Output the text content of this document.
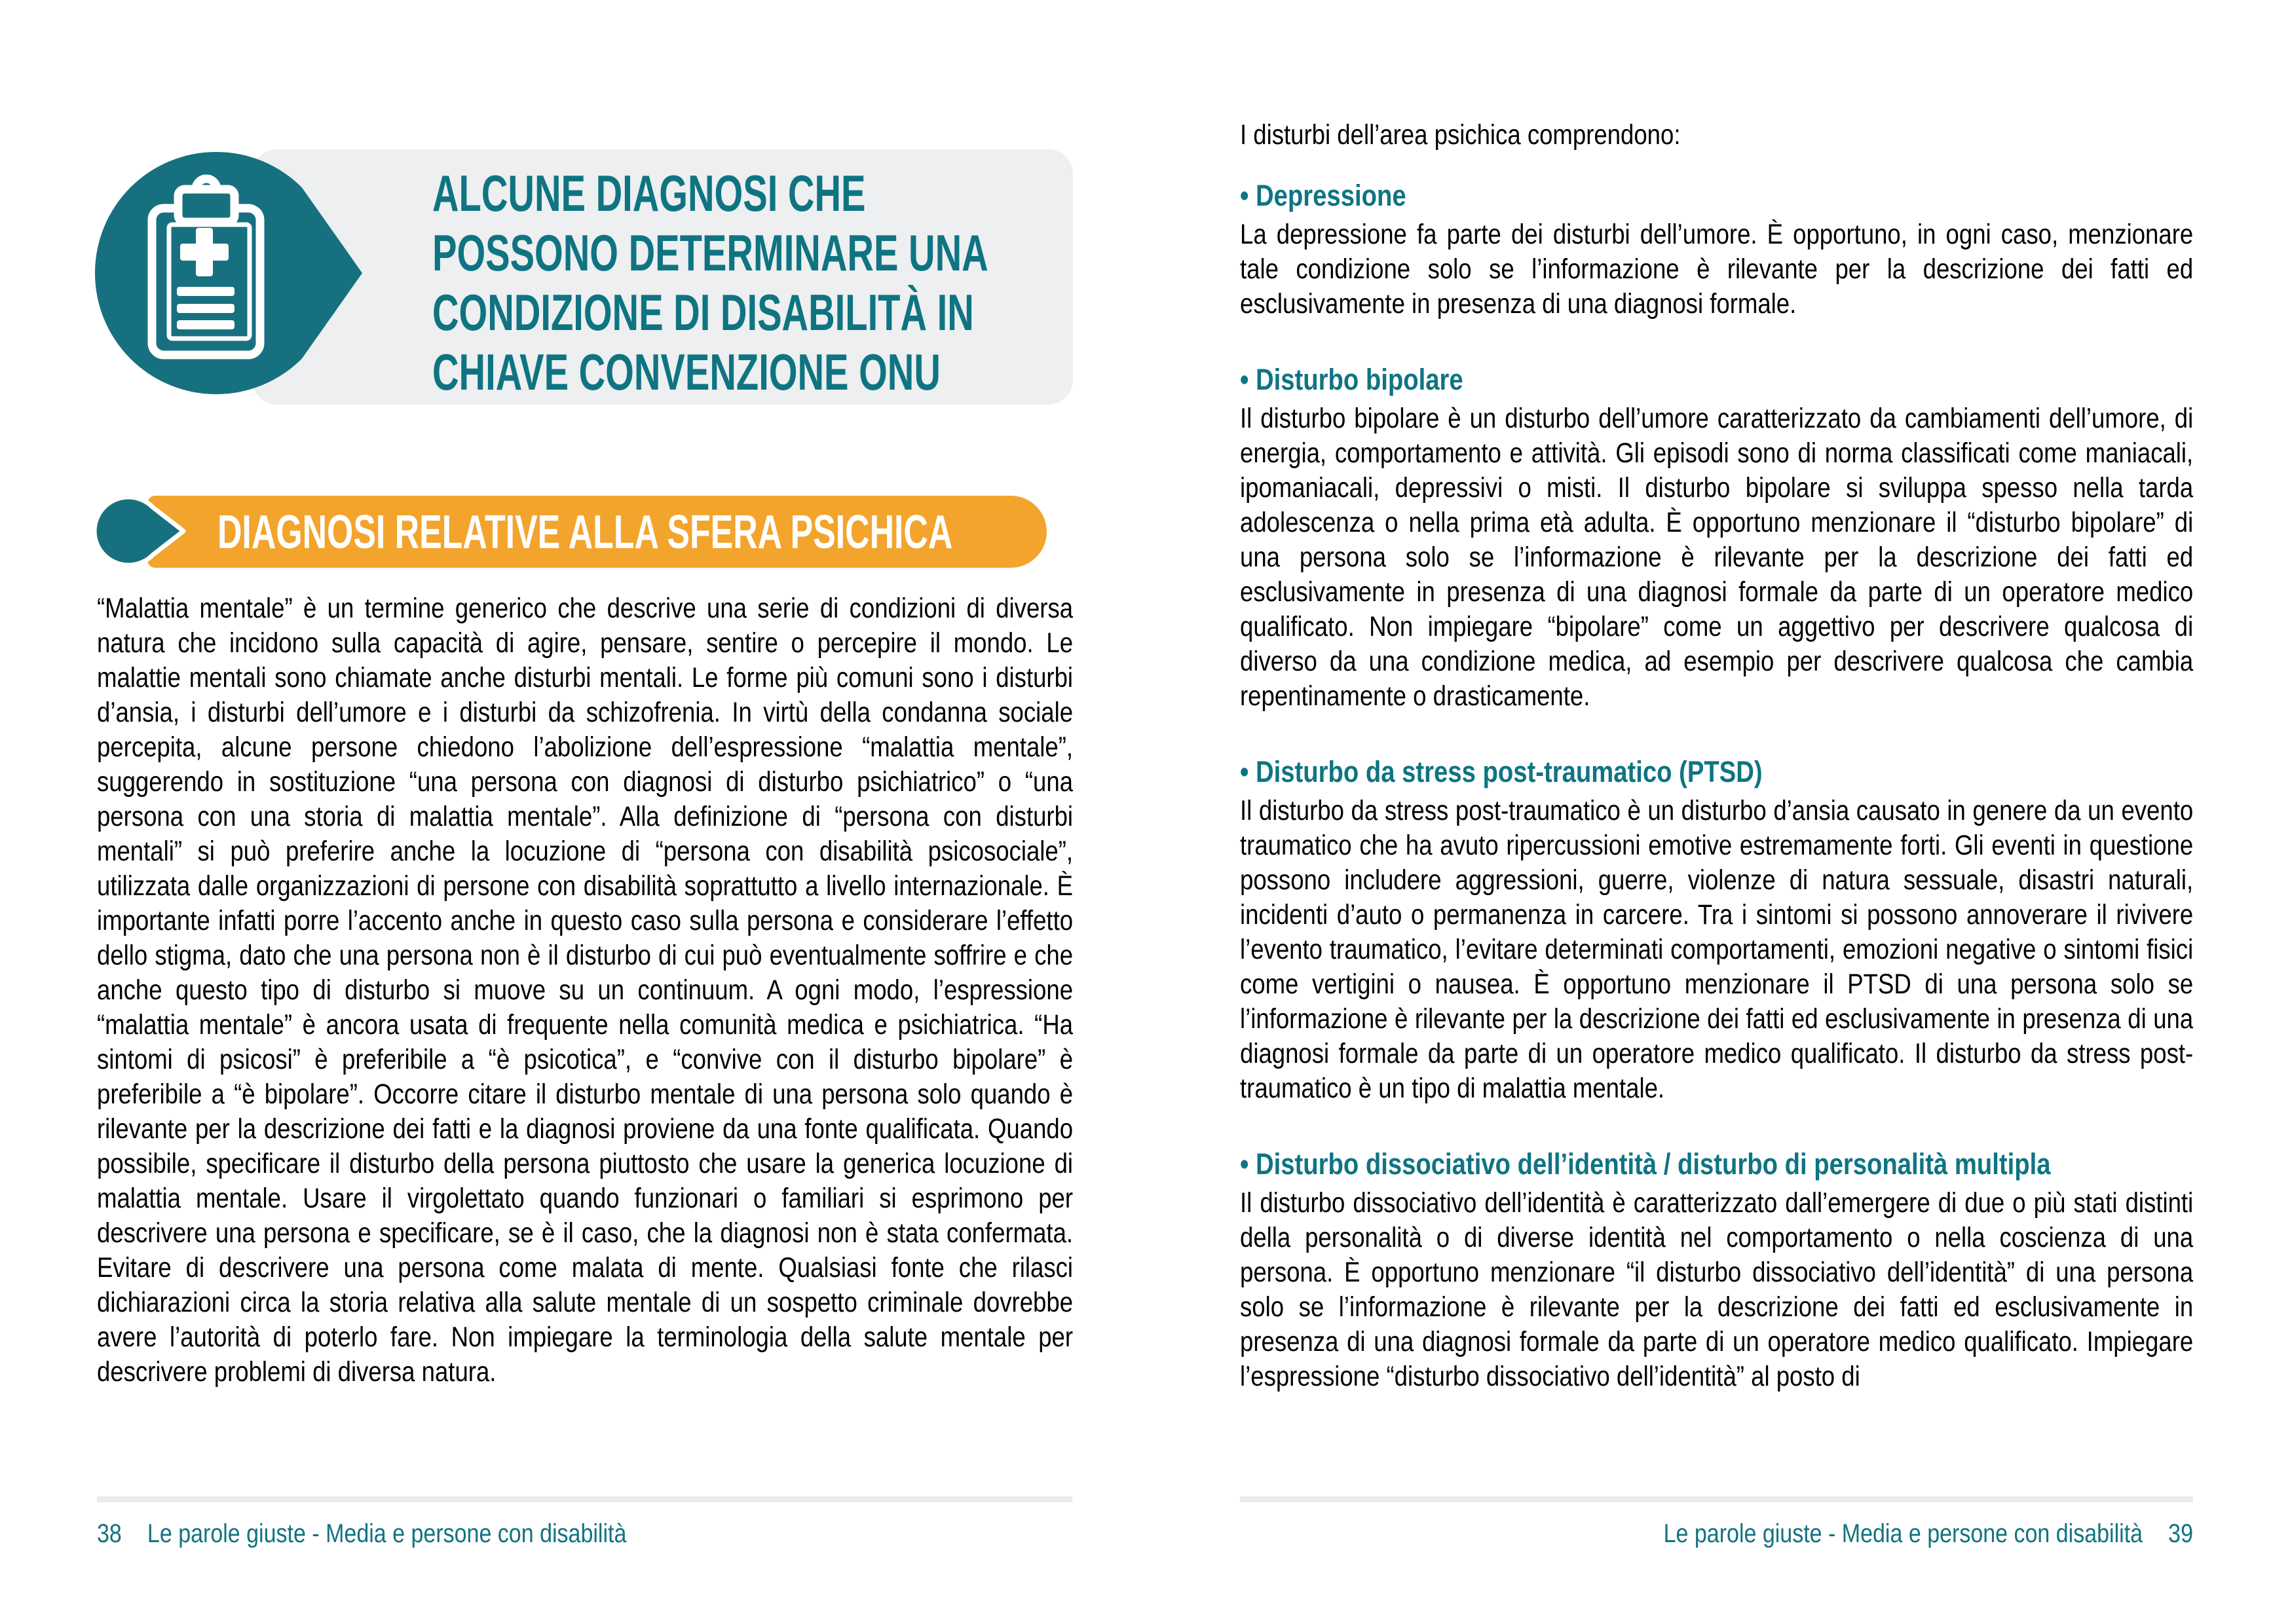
ALCUNE DIAGNOSI CHE
POSSONO DETERMINARE UNA
CONDIZIONE DI DISABILITÀ IN
CHIAVE CONVENZIONE ONU
DIAGNOSI RELATIVE ALLA SFERA PSICHICA
“Malattia mentale” è un termine generico che descrive una serie di condizioni di diversa natura che incidono sulla capacità di agire, pensare, sentire o percepire il mondo. Le malattie mentali sono chiamate anche disturbi mentali. Le forme più comuni sono i disturbi d’ansia, i disturbi dell’umore e i disturbi da schizofrenia. In virtù della condanna sociale percepita, alcune persone chiedono l’abolizione dell’espressione “malattia mentale”, suggerendo in sostituzione “una persona con diagnosi di disturbo psichiatrico” o “una persona con una storia di malattia mentale”. Alla definizione di “persona con disturbi mentali” si può preferire anche la locuzione di “persona con disabilità psicosociale”, utilizzata dalle organizzazioni di persone con disabilità soprattutto a livello internazionale. È importante infatti porre l’accento anche in questo caso sulla persona e considerare l’effetto dello stigma, dato che una persona non è il disturbo di cui può eventualmente soffrire e che anche questo tipo di disturbo si muove su un continuum. A ogni modo, l’espressione “malattia mentale” è ancora usata di frequente nella comunità medica e psichiatrica. “Ha sintomi di psicosi” è preferibile a “è psicotica”, e “convive con il disturbo bipolare” è preferibile a “è bipolare”. Occorre citare il disturbo mentale di una persona solo quando è rilevante per la descrizione dei fatti e la diagnosi proviene da una fonte qualificata. Quando possibile, specificare il disturbo della persona piuttosto che usare la generica locuzione di malattia mentale. Usare il virgolettato quando funzionari o familiari si esprimono per descrivere una persona e specificare, se è il caso, che la diagnosi non è stata confermata. Evitare di descrivere una persona come malata di mente. Qualsiasi fonte che rilasci dichiarazioni circa la storia relativa alla salute mentale di un sospetto criminale dovrebbe avere l’autorità di poterlo fare. Non impiegare la terminologia della salute mentale per descrivere problemi di diversa natura.
38 Le parole giuste - Media e persone con disabilità
I disturbi dell’area psichica comprendono:
• Depressione
La depressione fa parte dei disturbi dell’umore. È opportuno, in ogni caso, menzionare tale condizione solo se l’informazione è rilevante per la descrizione dei fatti ed esclusivamente in presenza di una diagnosi formale.
• Disturbo bipolare
Il disturbo bipolare è un disturbo dell’umore caratterizzato da cambiamenti dell’umore, di energia, comportamento e attività. Gli episodi sono di norma classificati come maniacali, ipomaniacali, depressivi o misti. Il disturbo bipolare si sviluppa spesso nella tarda adolescenza o nella prima età adulta. È opportuno menzionare il “disturbo bipolare” di una persona solo se l’informazione è rilevante per la descrizione dei fatti ed esclusivamente in presenza di una diagnosi formale da parte di un operatore medico qualificato. Non impiegare “bipolare” come un aggettivo per descrivere qualcosa di diverso da una condizione medica, ad esempio per descrivere qualcosa che cambia repentinamente o drasticamente.
• Disturbo da stress post-traumatico (PTSD)
Il disturbo da stress post-traumatico è un disturbo d’ansia causato in genere da un evento traumatico che ha avuto ripercussioni emotive estremamente forti. Gli eventi in questione possono includere aggressioni, guerre, violenze di natura sessuale, disastri naturali, incidenti d’auto o permanenza in carcere. Tra i sintomi si possono annoverare il rivivere l’evento traumatico, l’evitare determinati comportamenti, emozioni negative o sintomi fisici come vertigini o nausea. È opportuno menzionare il PTSD di una persona solo se l’informazione è rilevante per la descrizione dei fatti ed esclusivamente in presenza di una diagnosi formale da parte di un operatore medico qualificato. Il disturbo da stress post-traumatico è un tipo di malattia mentale.
• Disturbo dissociativo dell’identità / disturbo di personalità multipla
Il disturbo dissociativo dell’identità è caratterizzato dall’emergere di due o più stati distinti della personalità o di diverse identità nel comportamento o nella coscienza di una persona. È opportuno menzionare “il disturbo dissociativo dell’identità” di una persona solo se l’informazione è rilevante per la descrizione dei fatti ed esclusivamente in presenza di una diagnosi formale da parte di un operatore medico qualificato. Impiegare l’espressione “disturbo dissociativo dell’identità” al posto di
Le parole giuste - Media e persone con disabilità 39
